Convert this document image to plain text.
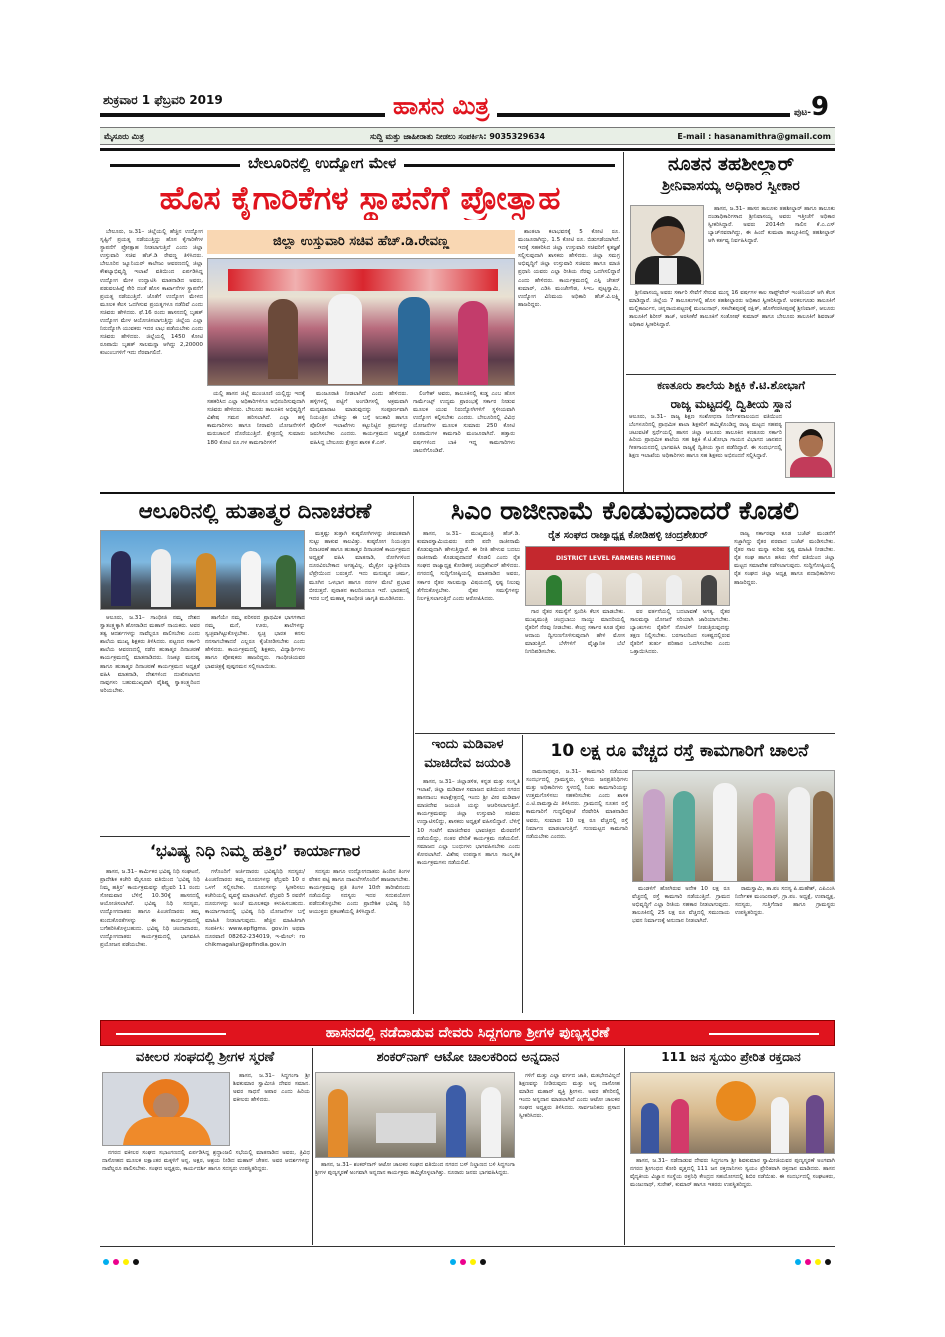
ಶುಕ್ರವಾರ 1 ಫೆಬ್ರವರಿ 2019	ಹಾಸನ ಮಿತ್ರ	ಪುಟ-9
ಮೈಸೂರು ಮಿತ್ರ	ಸುದ್ದಿ ಮತ್ತು ಜಾಹೀರಾತು ನೀಡಲು ಸಂಪರ್ಕಿಸಿ: 9035329634	E-mail : hasanamithra@gmail.com
ಬೇಲೂರಿನಲ್ಲಿ ಉದ್ಯೋಗ ಮೇಳ
ಹೊಸ ಕೈಗಾರಿಕೆಗಳ ಸ್ಥಾಪನೆಗೆ ಪ್ರೋತ್ಸಾಹ
ಬೇಲೂರು, ಜ.31– ಜಿಲ್ಲೆಯಲ್ಲಿ ಹೆಚ್ಚಿನ ಉದ್ಯೋಗ ಸೃಷ್ಟಿಗೆ ಪ್ರಯತ್ನ ನಡೆಯುತ್ತಿದ್ದು ಹೊಸ ಕೈಗಾರಿಕೆಗಳ ಸ್ಥಾಪನೆಗೆ ಪ್ರೋತ್ಸಾಹ ನೀಡಲಾಗುತ್ತಿದೆ ಎಂದು ಜಿಲ್ಲಾ ಉಸ್ತುವಾರಿ ಸಚಿವ ಹೆಚ್.ಡಿ ರೇವಣ್ಣ ತಿಳಿಸಿದರು. ಬೇಲೂರಿನ ಜ್ಯೂನಿಯರ್ ಕಾಲೇಜು ಆವರಣದಲ್ಲಿ ಜಿಲ್ಲಾ ಕೌಶಲ್ಯಾಭಿವೃದ್ಧಿ ಇಲಾಖೆ ವತಿಯಿಂದ ಏರ್ಪಡಿಸಿದ್ದ ಉದ್ಯೋಗ ಮೇಳ ಉದ್ಘಾಟಿಸಿ ಮಾತನಾಡಿದ ಅವರು, ಪಡುವಲಹಿಪ್ಪೆ ಸೇರಿ ದಂತೆ ಹೊಸ ಕಾರ್ಖಾನೆಗಳ ಸ್ಥಾಪನೆಗೆ ಪ್ರಯತ್ನ ನಡೆಯುತ್ತಿದೆ. ಜೊತೆಗೆ ಉದ್ಯೋಗ ಮೇಳದ ಮೂಲಕ ಕೆಲಸ ಒದಗಿಸುವ ಪ್ರಯತ್ನಗಳೂ ನಡೆದಿವೆ ಎಂದು ಸಚಿವರು ಹೇಳಿದರು. ಫೆ.16 ರಂದು ಹಾಸನದಲ್ಲಿ ಬೃಹತ್ ಉದ್ಯೋಗ ಮೇಳ ಆಯೋಜಿಸಲಾಗುತ್ತಿದ್ದು ಜಿಲ್ಲೆಯ ಎಲ್ಲಾ ನಿರುದ್ಯೋಗಿ ಯುವಕರು ಇದರ ಲಾಭ ಪಡೆಯಬೇಕು ಎಂದು ಸಚಿವರು ಹೇಳಿದರು. ಜಿಲ್ಲೆಯಲ್ಲಿ 1450 ಕೋಟಿ ರೂಪಾಯಿ ಬೃಹತ್ ಸಾಲಮನ್ನಾ ಆಗಿದ್ದು 2,20000 ಕುಟುಂಬಗಳಿಗೆ ಇದು ನೆರವಾಗಲಿದೆ.
ಜಿಲ್ಲಾ ಉಸ್ತುವಾರಿ ಸಚಿವ ಹೆಚ್.ಡಿ.ರೇವಣ್ಣ
ಯಲ್ಲಿ ಹಾಸನ ಜಿಲ್ಲೆ ಮುಂಚೂಣಿ ಯಲ್ಲಿದ್ದು ಇದಕ್ಕೆ ಸಹಕರಿಸಿದ ಎಲ್ಲಾ ಅಧಿಕಾರಿಗಳಿಗೂ ಅಭಿನಂದಿಸುವುದಾಗಿ ಸಚಿವರು ಹೇಳಿದರು. ಬೇಲೂರು ತಾಲೂಕಿನ ಅಭಿವೃದ್ಧಿಗೆ ವಿಶೇಷ ಗಮನ ಹರಿಸಲಾಗಿದೆ. ಎಲ್ಲಾ ಹಳ್ಳಿ ಕಾಮಗಾರಿಗಳು ಹಾಗೂ ನೀರಾವರಿ ಯೋಜನೆಗಳಿಗೆ ಮರುಚಾಲನೆ ದೊರೆಯುತ್ತಿದೆ. ಕ್ಷೇತ್ರದಲ್ಲಿ ಸುಮಾರು 180 ಕೋಟಿ ರೂ.ಗಳ ಕಾಮಗಾರಿಗಳಿಗೆ
ಮಂಜೂರಾತಿ ನೀಡಲಾಗಿದೆ ಎಂದು ಹೇಳಿದರು. ಹಳ್ಳಿಗಳಲ್ಲಿ ಪಟ್ಟಿಗೆ ಅಂಗಡಿಗಳಲ್ಲಿ ಅಕ್ರಮವಾಗಿ ಮದ್ಯಮಾರಾಟ ಮಾಡುವುದನ್ನು ಸಂಪೂರ್ಣವಾಗಿ ನಿಯಂತ್ರಿಸ ಬೇಕಿದ್ದು ಈ ಬಗ್ಗೆ ಅಬಕಾರಿ ಹಾಗೂ ಪೊಲೀಸ್ ಇಲಾಖೆಗಳು ಕಟ್ಟುನಿಟ್ಟಿನ ಕ್ರಮಗಳನ್ನು ಜರುಗಿಸಬೇಕು ಎಂದರು. ಕಾರ್ಯಕ್ರಮದ ಅಧ್ಯಕ್ಷತೆ ವಹಿಸಿದ್ದ ಬೇಲೂರು ಕ್ಷೇತ್ರದ ಶಾಸಕ ಕೆ.ಎಸ್.
ಲಿಂಗೇಶ್ ಅವರು, ತಾಲೂಕಿನಲ್ಲಿ ಕುಡ್ಡ ಎಂಬ ಹೊಸ ಗಾರ್ಮೆಂಟ್ಸ್ ಉದ್ಯಮ ಪ್ರಾರಂಭಕ್ಕೆ ಸರ್ಕಾರ ನೀಡುವ ಮೂಲಕ ಯುವ ನಿರುದ್ಯೋಗಿಗಳಿಗೆ ಸ್ಥಳೀಯವಾಗಿ ಉದ್ಯೋಗ ಕಲ್ಪಿಸಬೇಕು ಎಂದರು. ಬೇಲೂರಿನಲ್ಲಿ ವಿವಿಧ ಯೋಜನೆಗಳ ಮೂಲಕ ಸುಮಾರು 250 ಕೋಟಿ ರೂಪಾಯಿಗಳ ಕಾಮಗಾರಿ ಮಂಜೂರಾಗಿದೆ. ಹತ್ತಾರು ವರ್ಷಗಳಿಂದ ಬಾಕಿ ಇದ್ದ ಕಾಮಗಾರಿಗಳು ಚಾಲನೆಗೊಂಡಿವೆ.
ಶಾಂತಲಾ ಕಲಾಭವನಕ್ಕೆ 5 ಕೋಟಿ ರೂ. ಮಂಜೂರಾಗಿದ್ದು, 1.5 ಕೋಟಿ ರೂ. ಬಿಡುಗಡೆಯಾಗಿದೆ. ಇದಕ್ಕೆ ಸಹಕರಿಸಿದ ಜಿಲ್ಲಾ ಉಸ್ತುವಾರಿ ಸಚಿವರಿಗೆ ಕೃತಜ್ಞತೆ ಸಲ್ಲಿಸುವುದಾಗಿ ಶಾಸಕರು ಹೇಳಿದರು. ಜಿಲ್ಲಾ ಸಮಗ್ರ ಅಭಿವೃದ್ಧಿಗೆ ಜಿಲ್ಲಾ ಉಸ್ತುವಾರಿ ಸಚಿವರು ಹಾಗೂ ಮಾಜಿ ಪ್ರಧಾನಿ ಯವರು ಎಲ್ಲಾ ರೀತಿಯ ನೆರವು ಒದಗಿಸಲಿದ್ದಾರೆ ಎಂದು ಹೇಳಿದರು. ಕಾರ್ಯಕ್ರಮದಲ್ಲಿ ಎಸ್ಪಿ ಚೇತನ್ ಕುಮಾರ್, ಎಡಿಸಿ ಮಂಜೇಗೌಡ, ಸಿಇಒ ಪುಟ್ಟಸ್ವಾಮಿ, ಉದ್ಯೋಗ ವಿನಿಮಯ ಅಧಿಕಾರಿ ಹೆಚ್.ವಿ.ಲಕ್ಷ್ಮಿ ಹಾಜರಿದ್ದರು.
ನೂತನ ತಹಶೀಲ್ದಾರ್
ಶ್ರೀನಿವಾಸಯ್ಯ ಅಧಿಕಾರ ಸ್ವೀಕಾರ
ಹಾಸನ, ಜ.31– ಹಾಸನ ತಾಲೂಕು ತಹಶೀಲ್ದಾರ್ ಹಾಗೂ ತಾಲೂಕು ದಂಡಾಧಿಕಾರಿಗಳಾದ ಶ್ರೀನಿವಾಸಯ್ಯ ಅವರು ಇತ್ತೀಚೆಗೆ ಅಧಿಕಾರ ಸ್ವೀಕರಿಸಿದ್ದಾರೆ. ಅವರು 2014ನೇ ಸಾಲಿನ ಕೆ.ಎ.ಎಸ್ ಬ್ಯಾಚ್‌ನವರಾಗಿದ್ದು, ಈ ಹಿಂದೆ ಕುಮಟಾ ತಾಲ್ಲೂಕಿನಲ್ಲಿ ತಹಶೀಲ್ದಾರ್ ಆಗಿ ಕರ್ತವ್ಯ ನಿರ್ವಹಿಸಿದ್ದಾರೆ.
ಶ್ರೀನಿವಾಸಯ್ಯ ಅವರು ಸರ್ಕಾರಿ ಸೇವೆಗೆ ಸೇರುವ ಮುನ್ನ 16 ವರ್ಷಗಳ ಕಾಲ ಸಾಫ್ಟ್‌ವೇರ್ ಇಂಜಿನಿಯರ್ ಆಗಿ ಕೆಲಸ ಮಾಡಿದ್ದಾರೆ. ಜಿಲ್ಲೆಯ 7 ತಾಲೂಕುಗಳಲ್ಲಿ ಹೊಸ ತಹಶೀಲ್ದಾರರು ಅಧಿಕಾರ ಸ್ವೀಕರಿಸಿದ್ದಾರೆ. ಅರಕಲಗೂಡು ತಾಲೂಕಿಗೆ ಮಲ್ಲಿಕಾರ್ಜುನ, ಚನ್ನರಾಯಪಟ್ಟಣಕ್ಕೆ ಮಂಜುನಾಥ್, ಸಕಲೇಶಪುರಕ್ಕೆ ರಕ್ಷಿತ್, ಹೊಳೆನರಸೀಪುರಕ್ಕೆ ಶ್ರೀನಿವಾಸ್, ಆಲೂರು ತಾಲೂಕಿಗೆ ಶಿರೀನ್ ತಾಜ್, ಅರಸೀಕೆರೆ ತಾಲೂಕಿಗೆ ಸಂತೋಷ್ ಕುಮಾರ್ ಹಾಗೂ ಬೇಲೂರು ತಾಲೂಕಿಗೆ ಶಿವರಾಜ್ ಅಧಿಕಾರ ಸ್ವೀಕರಿಸಿದ್ದಾರೆ.
ಕಣತೂರು ಶಾಲೆಯ ಶಿಕ್ಷಕಿ ಕೆ.ಟಿ.ಶೋಭಾಗೆ
ರಾಜ್ಯ ಮಟ್ಟದಲ್ಲಿ ದ್ವಿತೀಯ ಸ್ಥಾನ
ಆಲೂರು, ಜ.31– ರಾಜ್ಯ ಶಿಕ್ಷಣ ಸಂಶೋಧನಾ ನಿರ್ದೇಶನಾಲಯದ ವತಿಯಿಂದ ಬೆಂಗಳೂರಿನಲ್ಲಿ ಪ್ರಾಥಮಿಕ ಶಾಲಾ ಶಿಕ್ಷಕರಿಗೆ ಹಮ್ಮಿಕೊಂಡಿದ್ದ ರಾಜ್ಯ ಮಟ್ಟದ ಸಹಪಠ್ಯ ಚಟುವಟಿಕೆ ಸ್ಪರ್ಧೆಯಲ್ಲಿ ಹಾಸನ ಜಿಲ್ಲಾ ಆಲೂರು ತಾಲೂಕಿನ ಕಣತೂರು ಸರ್ಕಾರಿ ಹಿರಿಯ ಪ್ರಾಥಮಿಕ ಶಾಲೆಯ ಸಹ ಶಿಕ್ಷಕಿ ಕೆ.ಟಿ.ಶೋಭಾ ಗಾಯನ ವಿಭಾಗದ ಜಾನಪದ ಗೀತಗಾಯನದಲ್ಲಿ ಭಾಗವಹಿಸಿ ರಾಜ್ಯಕ್ಕೆ ದ್ವಿತೀಯ ಸ್ಥಾನ ಪಡೆದಿದ್ದಾರೆ. ಈ ಸಂದರ್ಭದಲ್ಲಿ ಶಿಕ್ಷಣ ಇಲಾಖೆಯ ಅಧಿಕಾರಿಗಳು ಹಾಗೂ ಸಹ ಶಿಕ್ಷಕರು ಅಭಿನಂದನೆ ಸಲ್ಲಿಸಿದ್ದಾರೆ.
ಆಲೂರಿನಲ್ಲಿ ಹುತಾತ್ಮರ ದಿನಾಚರಣೆ
ಆಲೂರು, ಜ.31– ಗಾಂಧೀಜಿ ನಮ್ಮ ದೇಶದ ಸ್ವಾತಂತ್ರ್ಯಕ್ಕಾಗಿ ಹೋರಾಡಿದ ಮಹಾನ್ ನಾಯಕರು. ಅವರ ತತ್ವ ಆದರ್ಶಗಳನ್ನು ನಾವೆಲ್ಲರೂ ಪಾಲಿಸಬೇಕು ಎಂದು ಶಾಲೆಯ ಮುಖ್ಯ ಶಿಕ್ಷಕರು ತಿಳಿಸಿದರು. ಪಟ್ಟಣದ ಸರ್ಕಾರಿ ಶಾಲೆಯ ಆವರಣದಲ್ಲಿ ನಡೆದ ಹುತಾತ್ಮರ ದಿನಾಚರಣೆ ಕಾರ್ಯಕ್ರಮದಲ್ಲಿ ಮಾತನಾಡಿದರು. ನಿಜಕ್ಕೂ ಮನುಷ್ಯ ಹಾಗೂ ಹುತಾತ್ಮರ ದಿನಾಚರಣೆ ಕಾರ್ಯಕ್ರಮದ ಅಧ್ಯಕ್ಷತೆ ವಹಿಸಿ ಮಾತನಾಡಿ, ದೇಶಗಳಿಂದ ದುಃಖಿಸಲಾಗದ ನಾವುಗಳು ಬಹುಮುಖ್ಯವಾಗಿ ವೈಶಿಷ್ಟ್ಯ ಸ್ವಾತಂತ್ರ್ಯದಿಂದ ಅರಿಯಬೇಕು.
ಹಾಗೆಯೇ ನಮ್ಮ ಪರಿಸರದ ಪ್ರಾಥಮಿಕ ಭಾಗಗಳಾದ ನಮ್ಮ ಮನೆ, ಊರು, ಶಾಲೆಗಳನ್ನು ಸ್ವಚ್ಛವಾಗಿಟ್ಟುಕೊಳ್ಳಬೇಕು. ಸ್ವಚ್ಛ ಭಾರತ ಕನಸು ನನಸಾಗಬೇಕಾದರೆ ಎಲ್ಲರೂ ಕೈಜೋಡಿಸಬೇಕು ಎಂದು ಹೇಳಿದರು. ಕಾರ್ಯಕ್ರಮದಲ್ಲಿ ಶಿಕ್ಷಕರು, ವಿದ್ಯಾರ್ಥಿಗಳು ಹಾಗೂ ಪೋಷಕರು ಹಾಜರಿದ್ದರು. ಗಾಂಧೀಜಿಯವರ ಭಾವಚಿತ್ರಕ್ಕೆ ಪುಷ್ಪನಮನ ಸಲ್ಲಿಸಲಾಯಿತು.
ಮತ್ತಷ್ಟು ತುತ್ತಾಗಿ ಕುಷ್ಠರೋಗಿಗಳನ್ನು ಜೀವಂತವಾಗಿ ಸುಟ್ಟು ಹಾಕುವ ಕಾಲವಿತ್ತು. ಕುಷ್ಠರೋಗ ನಿಯಂತ್ರಣ ದಿನಾಚರಣೆ ಹಾಗೂ ಹುತಾತ್ಮರ ದಿನಾಚರಣೆ ಕಾರ್ಯಕ್ರಮದ ಅಧ್ಯಕ್ಷತೆ ವಹಿಸಿ ಮಾತನಾಡಿ, ರೋಗಿಗಳಿಂದ ದೂರವಿರಬೇಕಾದ ಅಗತ್ಯವಿಲ್ಲ. ಮೈಕ್ರೋ ಬ್ಯಾಕ್ಟೀರಿಯಾ ಲೆಪ್ರೇಯಿಂದ ಬರುತ್ತದೆ. ಇದು ಮನುಷ್ಯನ ಚರ್ಮ, ಮೂಗಿನ ಒಳಭಾಗ ಹಾಗೂ ನರಗಳ ಮೇಲೆ ಪ್ರಭಾವ ಬೀರುತ್ತದೆ. ಪುರಾತನ ಕಾಲದಿಂದಲೂ ಇದೆ. ಭಾರತದಲ್ಲಿ ಇದರ ಬಗ್ಗೆ ಮಹಾತ್ಮ ಗಾಂಧೀಜಿ ಜಾಗೃತಿ ಮೂಡಿಸಿದರು.
‘ಭವಿಷ್ಯ ನಿಧಿ ನಿಮ್ಮ ಹತ್ತಿರ’ ಕಾರ್ಯಾಗಾರ
ಹಾಸನ, ಜ.31– ಕಾರ್ಮಿಕರ ಭವಿಷ್ಯ ನಿಧಿ ಸಂಘಟನೆ, ಪ್ರಾದೇಶಿಕ ಕಚೇರಿ ಮೈಸೂರು ವತಿಯಿಂದ ‘ಭವಿಷ್ಯ ನಿಧಿ ನಿಮ್ಮ ಹತ್ತಿರ’ ಕಾರ್ಯಕ್ರಮವನ್ನು ಫೆಬ್ರವರಿ 11 ರಂದು ಸೋಮವಾರ ಬೆಳಿಗ್ಗೆ 10.30ಕ್ಕೆ ಹಾಸನದಲ್ಲಿ ಆಯೋಜಿಸಲಾಗಿದೆ. ಭವಿಷ್ಯ ನಿಧಿ ಸದಸ್ಯರು, ಉದ್ಯೋಗದಾತರು ಹಾಗೂ ಪಿಂಚಣಿದಾರರು ತಮ್ಮ ಕುಂದುಕೊರತೆಗಳನ್ನು ಈ ಕಾರ್ಯಕ್ರಮದಲ್ಲಿ ಬಗೆಹರಿಸಿಕೊಳ್ಳಬಹುದು. ಭವಿಷ್ಯ ನಿಧಿ ಚಂದಾದಾರರು, ಉದ್ಯೋಗದಾತರು ಕಾರ್ಯಕ್ರಮದಲ್ಲಿ ಭಾಗವಹಿಸಿ ಪ್ರಯೋಜನ ಪಡೆಯಬೇಕು.
ಗಳೊಂದಿಗೆ ಅರ್ಜಿದಾರರು ಭವಿಷ್ಯನಿಧಿ ಸದಸ್ಯರು/ ಪಿಂಚಣಿದಾರರು ತಮ್ಮ ದೂರುಗಳನ್ನು ಫೆಬ್ರವರಿ 10 ರ ಒಳಗೆ ಸಲ್ಲಿಸಬೇಕು. ದೂರುಗಳನ್ನು ಸ್ವೀಕರಿಸಲು ಕಚೇರಿಯಲ್ಲಿ ವ್ಯವಸ್ಥೆ ಮಾಡಲಾಗಿದೆ. ಫೆಬ್ರವರಿ 5 ರವರೆಗೆ ದೂರುಗಳನ್ನು ಅಂಚೆ ಮೂಲಕವೂ ಕಳುಹಿಸಬಹುದು. ಕಾರ್ಯಾಗಾರದಲ್ಲಿ ಭವಿಷ್ಯ ನಿಧಿ ಯೋಜನೆಗಳ ಬಗ್ಗೆ ಮಾಹಿತಿ ನೀಡಲಾಗುವುದು. ಹೆಚ್ಚಿನ ಮಾಹಿತಿಗಾಗಿ ಸಂಪರ್ಕಿಸಿ: www.epfigms. gov.in ಅಥವಾ ದೂರವಾಣಿ 08262-234019, ಇ-ಮೇಲ್: ro chikmagalur@epfindia.gov.in
ಸದಸ್ಯರು ಹಾಗೂ ಉದ್ಯೋಗದಾತರು ಹಿಂದಿನ ತಿಂಗಳ ವೇತನ ಪಟ್ಟಿ ಹಾಗೂ ದಾಖಲೆಗಳೊಂದಿಗೆ ಹಾಜರಾಗಬೇಕು. ಕಾರ್ಯಕ್ರಮವು ಪ್ರತಿ ತಿಂಗಳ 10ನೇ ತಾರೀಖಿನಂದು ನಡೆಯಲಿದ್ದು ಸದಸ್ಯರು ಇದರ ಸದುಪಯೋಗ ಪಡೆದುಕೊಳ್ಳಬೇಕು ಎಂದು ಪ್ರಾದೇಶಿಕ ಭವಿಷ್ಯ ನಿಧಿ ಆಯುಕ್ತರು ಪ್ರಕಟಣೆಯಲ್ಲಿ ತಿಳಿಸಿದ್ದಾರೆ.
ಸಿಎಂ ರಾಜೀನಾಮೆ ಕೊಡುವುದಾದರೆ ಕೊಡಲಿ
ಹಾಸನ, ಜ.31– ಮುಖ್ಯಮಂತ್ರಿ ಹೆಚ್.ಡಿ. ಕುಮಾರಸ್ವಾಮಿಯವರು ಪದೇ ಪದೇ ರಾಜೀನಾಮೆ ಕೊಡುವುದಾಗಿ ಹೇಳುತ್ತಿದ್ದಾರೆ. ಈ ರೀತಿ ಹೇಳುವ ಬದಲು ರಾಜೀನಾಮೆ ಕೊಡುವುದಾದರೆ ಕೊಡಲಿ ಎಂದು ರೈತ ಸಂಘದ ರಾಜ್ಯಾಧ್ಯಕ್ಷ ಕೋಡಿಹಳ್ಳಿ ಚಂದ್ರಶೇಖರ್ ಹೇಳಿದರು. ನಗರದಲ್ಲಿ ಸುದ್ದಿಗೋಷ್ಠಿಯಲ್ಲಿ ಮಾತನಾಡಿದ ಅವರು, ಸರ್ಕಾರ ರೈತರ ಸಾಲಮನ್ನಾ ವಿಷಯದಲ್ಲಿ ಸ್ಪಷ್ಟ ನಿಲುವು ತೆಗೆದುಕೊಳ್ಳಬೇಕು. ರೈತರ ಸಮಸ್ಯೆಗಳನ್ನು ನಿರ್ಲಕ್ಷಿಸಲಾಗುತ್ತಿದೆ ಎಂದು ಆರೋಪಿಸಿದರು.
ರೈತ ಸಂಘದ ರಾಜ್ಯಾಧ್ಯಕ್ಷ ಕೋಡಿಹಳ್ಳಿ ಚಂದ್ರಶೇಖರ್
DISTRICT LEVEL FARMERS MEETING
ಗಾರ ರೈತರ ಸಮಸ್ಯೆಗೆ ಸ್ಪಂದಿಸಿ ಕೆಲಸ ಮಾಡಬೇಕು. ಮುಖ್ಯಮಂತ್ರಿ ಚಂದ್ರಬಾಬು ನಾಯ್ಡು ಮಾದರಿಯಲ್ಲಿ ರೈತರಿಗೆ ನೆರವು ನೀಡಬೇಕು. ಕೇಂದ್ರ ಸರ್ಕಾರ ಕೂಡ ರೈತರ ಆದಾಯ ದ್ವಿಗುಣಗೊಳಿಸುವುದಾಗಿ ಹೇಳಿ ಮೋಸ ಮಾಡುತ್ತಿದೆ. ಬೆಳೆಗಳಿಗೆ ವೈಜ್ಞಾನಿಕ ಬೆಲೆ ನಿಗದಿಪಡಿಸಬೇಕು.
ವರ ವರ್ತನೆಯಲ್ಲಿ ಬದಲಾವಣೆ ಅಗತ್ಯ. ರೈತರ ಸಾಲಮನ್ನಾ ಯೋಜನೆ ಸರಿಯಾಗಿ ಜಾರಿಯಾಗಬೇಕು. ಬ್ಯಾಂಕುಗಳು ರೈತರಿಗೆ ನೋಟಿಸ್ ನೀಡುತ್ತಿರುವುದನ್ನು ತಕ್ಷಣ ನಿಲ್ಲಿಸಬೇಕು. ಬರಗಾಲದಿಂದ ಸಂಕಷ್ಟದಲ್ಲಿರುವ ರೈತರಿಗೆ ತುರ್ತು ಪರಿಹಾರ ಒದಗಿಸಬೇಕು ಎಂದು ಒತ್ತಾಯಿಸಿದರು.
ರಾಜ್ಯ ಸರ್ಕಾರವೂ ಕೂಡ ಬಜೆಟ್ ಮಂಡನೆಗೆ ಸಜ್ಜಾಗಿದ್ದು ರೈತರ ಪರವಾದ ಬಜೆಟ್ ಮಂಡಿಸಬೇಕು. ರೈತರ ಸಾಲ ಮನ್ನಾ ಕುರಿತು ಸ್ಪಷ್ಟ ಮಾಹಿತಿ ನೀಡಬೇಕು. ರೈತ ಸಂಘ ಹಾಗೂ ಹಸಿರು ಸೇನೆ ವತಿಯಿಂದ ಜಿಲ್ಲಾ ಮಟ್ಟದ ಸಮಾವೇಶ ನಡೆಸಲಾಗುವುದು. ಸುದ್ದಿಗೋಷ್ಠಿಯಲ್ಲಿ ರೈತ ಸಂಘದ ಜಿಲ್ಲಾ ಅಧ್ಯಕ್ಷ ಹಾಗೂ ಪದಾಧಿಕಾರಿಗಳು ಹಾಜರಿದ್ದರು.
ಇಂದು ಮಡಿವಾಳ
ಮಾಚಿದೇವ ಜಯಂತಿ
ಹಾಸನ, ಜ.31– ಜಿಲ್ಲಾಡಳಿತ, ಕನ್ನಡ ಮತ್ತು ಸಂಸ್ಕೃತಿ ಇಲಾಖೆ, ಜಿಲ್ಲಾ ಮಡಿವಾಳ ಸಮಾಜದ ವತಿಯಿಂದ ನಗರದ ಹಾಸನಾಂಬ ಕಲಾಕ್ಷೇತ್ರದಲ್ಲಿ ಇಂದು ಶ್ರೀ ವೀರ ಮಡಿವಾಳ ಮಾಚಿದೇವ ಜಯಂತಿ ಯನ್ನು ಆಚರಿಸಲಾಗುತ್ತಿದೆ. ಕಾರ್ಯಕ್ರಮವನ್ನು ಜಿಲ್ಲಾ ಉಸ್ತುವಾರಿ ಸಚಿವರು ಉದ್ಘಾಟಿಸಲಿದ್ದು, ಶಾಸಕರು ಅಧ್ಯಕ್ಷತೆ ವಹಿಸಲಿದ್ದಾರೆ. ಬೆಳಿಗ್ಗೆ 10 ಗಂಟೆಗೆ ಮಾಚಿದೇವರ ಭಾವಚಿತ್ರದ ಮೆರವಣಿಗೆ ನಡೆಯಲಿದ್ದು, ನಂತರ ವೇದಿಕೆ ಕಾರ್ಯಕ್ರಮ ನಡೆಯಲಿದೆ. ಸಮಾಜದ ಎಲ್ಲಾ ಬಂಧುಗಳು ಭಾಗವಹಿಸಬೇಕು ಎಂದು ಕೋರಲಾಗಿದೆ. ವಿಶೇಷ ಉಪನ್ಯಾಸ ಹಾಗೂ ಸಾಂಸ್ಕೃತಿಕ ಕಾರ್ಯಕ್ರಮಗಳು ನಡೆಯಲಿವೆ.
10 ಲಕ್ಷ ರೂ ವೆಚ್ಚದ ರಸ್ತೆ ಕಾಮಗಾರಿಗೆ ಚಾಲನೆ
ರಾಮನಾಥಪುರ, ಜ.31– ಕಾಮಗಾರಿ ನಡೆಯುವ ಸಂದರ್ಭದಲ್ಲಿ ಗ್ರಾಮಸ್ಥರು, ಸ್ಥಳೀಯ ಜನಪ್ರತಿನಿಧಿಗಳು ಮತ್ತು ಅಧಿಕಾರಿಗಳು ಸ್ಥಳದಲ್ಲಿ ನಿಂತು ಕಾಮಗಾರಿಯನ್ನು ಉತ್ತಮಗೊಳಿಸಲು ಸಹಕರಿಸಬೇಕು ಎಂದು ಶಾಸಕ ಎ.ಟಿ.ರಾಮಸ್ವಾಮಿ ತಿಳಿಸಿದರು. ಗ್ರಾಮದಲ್ಲಿ ನೂತನ ರಸ್ತೆ ಕಾಮಗಾರಿಗೆ ಗುದ್ದಲಿಪೂಜೆ ನೆರವೇರಿಸಿ ಮಾತನಾಡಿದ ಅವರು, ಸುಮಾರು 10 ಲಕ್ಷ ರೂ ವೆಚ್ಚದಲ್ಲಿ ರಸ್ತೆ ನಿರ್ಮಾಣ ಮಾಡಲಾಗುತ್ತಿದೆ. ಗುಣಮಟ್ಟದ ಕಾಮಗಾರಿ ನಡೆಯಬೇಕು ಎಂದರು.
ಮಂಡಳಿಗೆ ಹೋಗಿರುವ ಅನೇಕ 10 ಲಕ್ಷ ರೂ ವೆಚ್ಚದಲ್ಲಿ ರಸ್ತೆ ಕಾಮಗಾರಿ ನಡೆಯುತ್ತಿದೆ. ಗ್ರಾಮದ ಅಭಿವೃದ್ಧಿಗೆ ಎಲ್ಲಾ ರೀತಿಯ ಸಹಕಾರ ನೀಡಲಾಗುವುದು. ತಾಲೂಕಿನಲ್ಲಿ 25 ಲಕ್ಷ ರೂ ವೆಚ್ಚದಲ್ಲಿ ಸಮುದಾಯ ಭವನ ನಿರ್ಮಾಣಕ್ಕೆ ಅನುದಾನ ನೀಡಲಾಗಿದೆ.
ರಾಮಸ್ವಾಮಿ, ತಾ.ಪಂ ಸದಸ್ಯ ಪಿ.ಮಹೇಶ್, ಎಪಿಎಂಸಿ ನಿರ್ದೇಶಕ ಮಂಜುನಾಥ್, ಗ್ರಾ.ಪಂ. ಅಧ್ಯಕ್ಷೆ, ಉಪಾಧ್ಯಕ್ಷ, ಸದಸ್ಯರು, ಗುತ್ತಿಗೆದಾರ ಹಾಗೂ ಗ್ರಾಮಸ್ಥರು ಉಪಸ್ಥಿತರಿದ್ದರು.
ಹಾಸನದಲ್ಲಿ ನಡೆದಾಡುವ ದೇವರು ಸಿದ್ಧಗಂಗಾ ಶ್ರೀಗಳ ಪುಣ್ಯಸ್ಮರಣೆ
ವಕೀಲರ ಸಂಘದಲ್ಲಿ ಶ್ರೀಗಳ ಸ್ಮರಣೆ
ಹಾಸನ, ಜ.31– ಸಿದ್ಧಗಂಗಾ ಶ್ರೀ ಶಿವಕುಮಾರ ಸ್ವಾಮೀಜಿ ದೇವರ ಸಮಾನ. ಅವರ ಸಾಧನೆ ಅಪಾರ ಎಂದು ಹಿರಿಯ ವಕೀಲರು ಹೇಳಿದರು.
ನಗರದ ವಕೀಲರ ಸಂಘದ ಸಭಾಂಗಣದಲ್ಲಿ ಏರ್ಪಡಿಸಿದ್ದ ಶ್ರದ್ಧಾಂಜಲಿ ಸಭೆಯಲ್ಲಿ ಮಾತನಾಡಿದ ಅವರು, ತ್ರಿವಿಧ ದಾಸೋಹದ ಮೂಲಕ ಲಕ್ಷಾಂತರ ಮಕ್ಕಳಿಗೆ ಅನ್ನ, ಅಕ್ಷರ, ಆಶ್ರಯ ನೀಡಿದ ಮಹಾನ್ ಚೇತನ. ಅವರ ಆದರ್ಶಗಳನ್ನು ನಾವೆಲ್ಲರೂ ಪಾಲಿಸಬೇಕು. ಸಂಘದ ಅಧ್ಯಕ್ಷರು, ಕಾರ್ಯದರ್ಶಿ ಹಾಗೂ ಸದಸ್ಯರು ಉಪಸ್ಥಿತರಿದ್ದರು.
ಶಂಕರ್‌ನಾಗ್ ಆಟೋ ಚಾಲಕರಿಂದ ಅನ್ನದಾನ
ಹಾಸನ, ಜ.31– ಶಂಕರ್‌ನಾಗ್ ಆಟೋ ಚಾಲಕರ ಸಂಘದ ವತಿಯಿಂದ ನಗರದ ಬಸ್ ನಿಲ್ದಾಣದ ಬಳಿ ಸಿದ್ಧಗಂಗಾ ಶ್ರೀಗಳ ಪುಣ್ಯಸ್ಮರಣೆ ಅಂಗವಾಗಿ ಅನ್ನದಾನ ಕಾರ್ಯಕ್ರಮ ಹಮ್ಮಿಕೊಳ್ಳಲಾಗಿತ್ತು. ನೂರಾರು ಜನರು ಭಾಗವಹಿಸಿದ್ದರು.
ಗಳಿಗೆ ಮತ್ತು ಎಲ್ಲಾ ವರ್ಗದ ಜಾತಿ, ಮತಭೇದವಿಲ್ಲದೆ ಶಿಕ್ಷಣವನ್ನು ನೀಡಿರುವುದು ಮತ್ತು ಅನ್ನ ದಾಸೋಹ ಮಾಡಿದ ಮಹಾನ್ ವ್ಯಕ್ತಿ ಶ್ರೀಗಳು. ಅವರ ಹೆಸರಿನಲ್ಲಿ ಇಂದು ಅನ್ನದಾನ ಮಾಡಲಾಗಿದೆ ಎಂದು ಆಟೋ ಚಾಲಕರ ಸಂಘದ ಅಧ್ಯಕ್ಷರು ತಿಳಿಸಿದರು. ಸಾರ್ವಜನಿಕರು ಪ್ರಸಾದ ಸ್ವೀಕರಿಸಿದರು.
111 ಜನ ಸ್ವಯಂ ಪ್ರೇರಿತ ರಕ್ತದಾನ
ಹಾಸನ, ಜ.31– ನಡೆದಾಡುವ ದೇವರು ಸಿದ್ಧಗಂಗಾ ಶ್ರೀ ಶಿವಕುಮಾರ ಸ್ವಾಮೀಜಿಯವರ ಪುಣ್ಯಸ್ಮರಣೆ ಅಂಗವಾಗಿ ನಗರದ ಶ್ರೀಗಂಧದ ಕೋಠಿ ವೃತ್ತದಲ್ಲಿ 111 ಜನ ರಕ್ತದಾನಿಗಳು ಸ್ವಯಂ ಪ್ರೇರಿತರಾಗಿ ರಕ್ತದಾನ ಮಾಡಿದರು. ಹಾಸನ ವೈದ್ಯಕೀಯ ವಿಜ್ಞಾನ ಸಂಸ್ಥೆಯ ರಕ್ತನಿಧಿ ಕೇಂದ್ರದ ಸಹಯೋಗದಲ್ಲಿ ಶಿಬಿರ ನಡೆಯಿತು. ಈ ಸಂದರ್ಭದಲ್ಲಿ ಸಂಘಟಕರು, ಮಂಜುನಾಥ್, ಸುರೇಶ್, ಕುಮಾರ್ ಹಾಗೂ ಇತರರು ಉಪಸ್ಥಿತರಿದ್ದರು.
